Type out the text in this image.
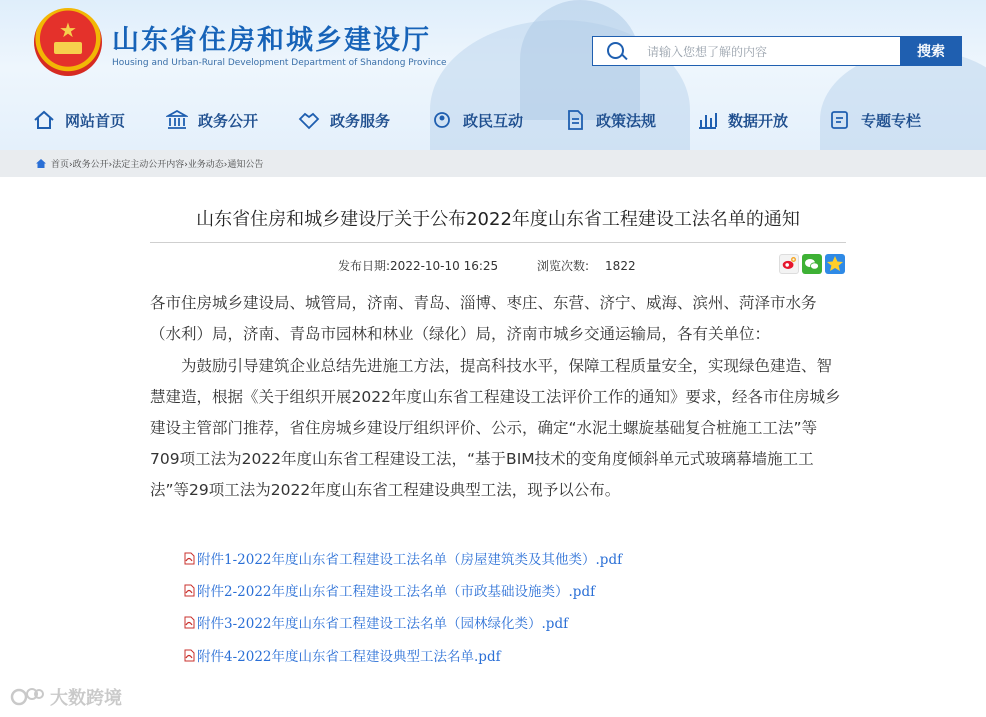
★	山东省住房和城乡建设厅
Housing and Urban-Rural Development Department of Shandong Province
请输入您想了解的内容
搜索
网站首页	政务公开	政务服务	政民互动	政策法规	数据开放	专题专栏
首页›政务公开›法定主动公开内容›业务动态›通知公告
山东省住房和城乡建设厅关于公布2022年度山东省工程建设工法名单的通知
发布日期:2022-10-10 16:25	浏览次数: 1822
各市住房城乡建设局、城管局，济南、青岛、淄博、枣庄、东营、济宁、威海、滨州、菏泽市水务（水利）局，济南、青岛市园林和林业（绿化）局，济南市城乡交通运输局，各有关单位：
为鼓励引导建筑企业总结先进施工方法，提高科技水平，保障工程质量安全，实现绿色建造、智慧建造，根据《关于组织开展2022年度山东省工程建设工法评价工作的通知》要求，经各市住房城乡建设主管部门推荐，省住房城乡建设厅组织评价、公示，确定“水泥土螺旋基础复合桩施工工法”等709项工法为2022年度山东省工程建设工法，“基于BIM技术的变角度倾斜单元式玻璃幕墙施工工法”等29项工法为2022年度山东省工程建设典型工法，现予以公布。
附件1-2022年度山东省工程建设工法名单（房屋建筑类及其他类）.pdf
附件2-2022年度山东省工程建设工法名单（市政基础设施类）.pdf
附件3-2022年度山东省工程建设工法名单（园林绿化类）.pdf
附件4-2022年度山东省工程建设典型工法名单.pdf
大数跨境
